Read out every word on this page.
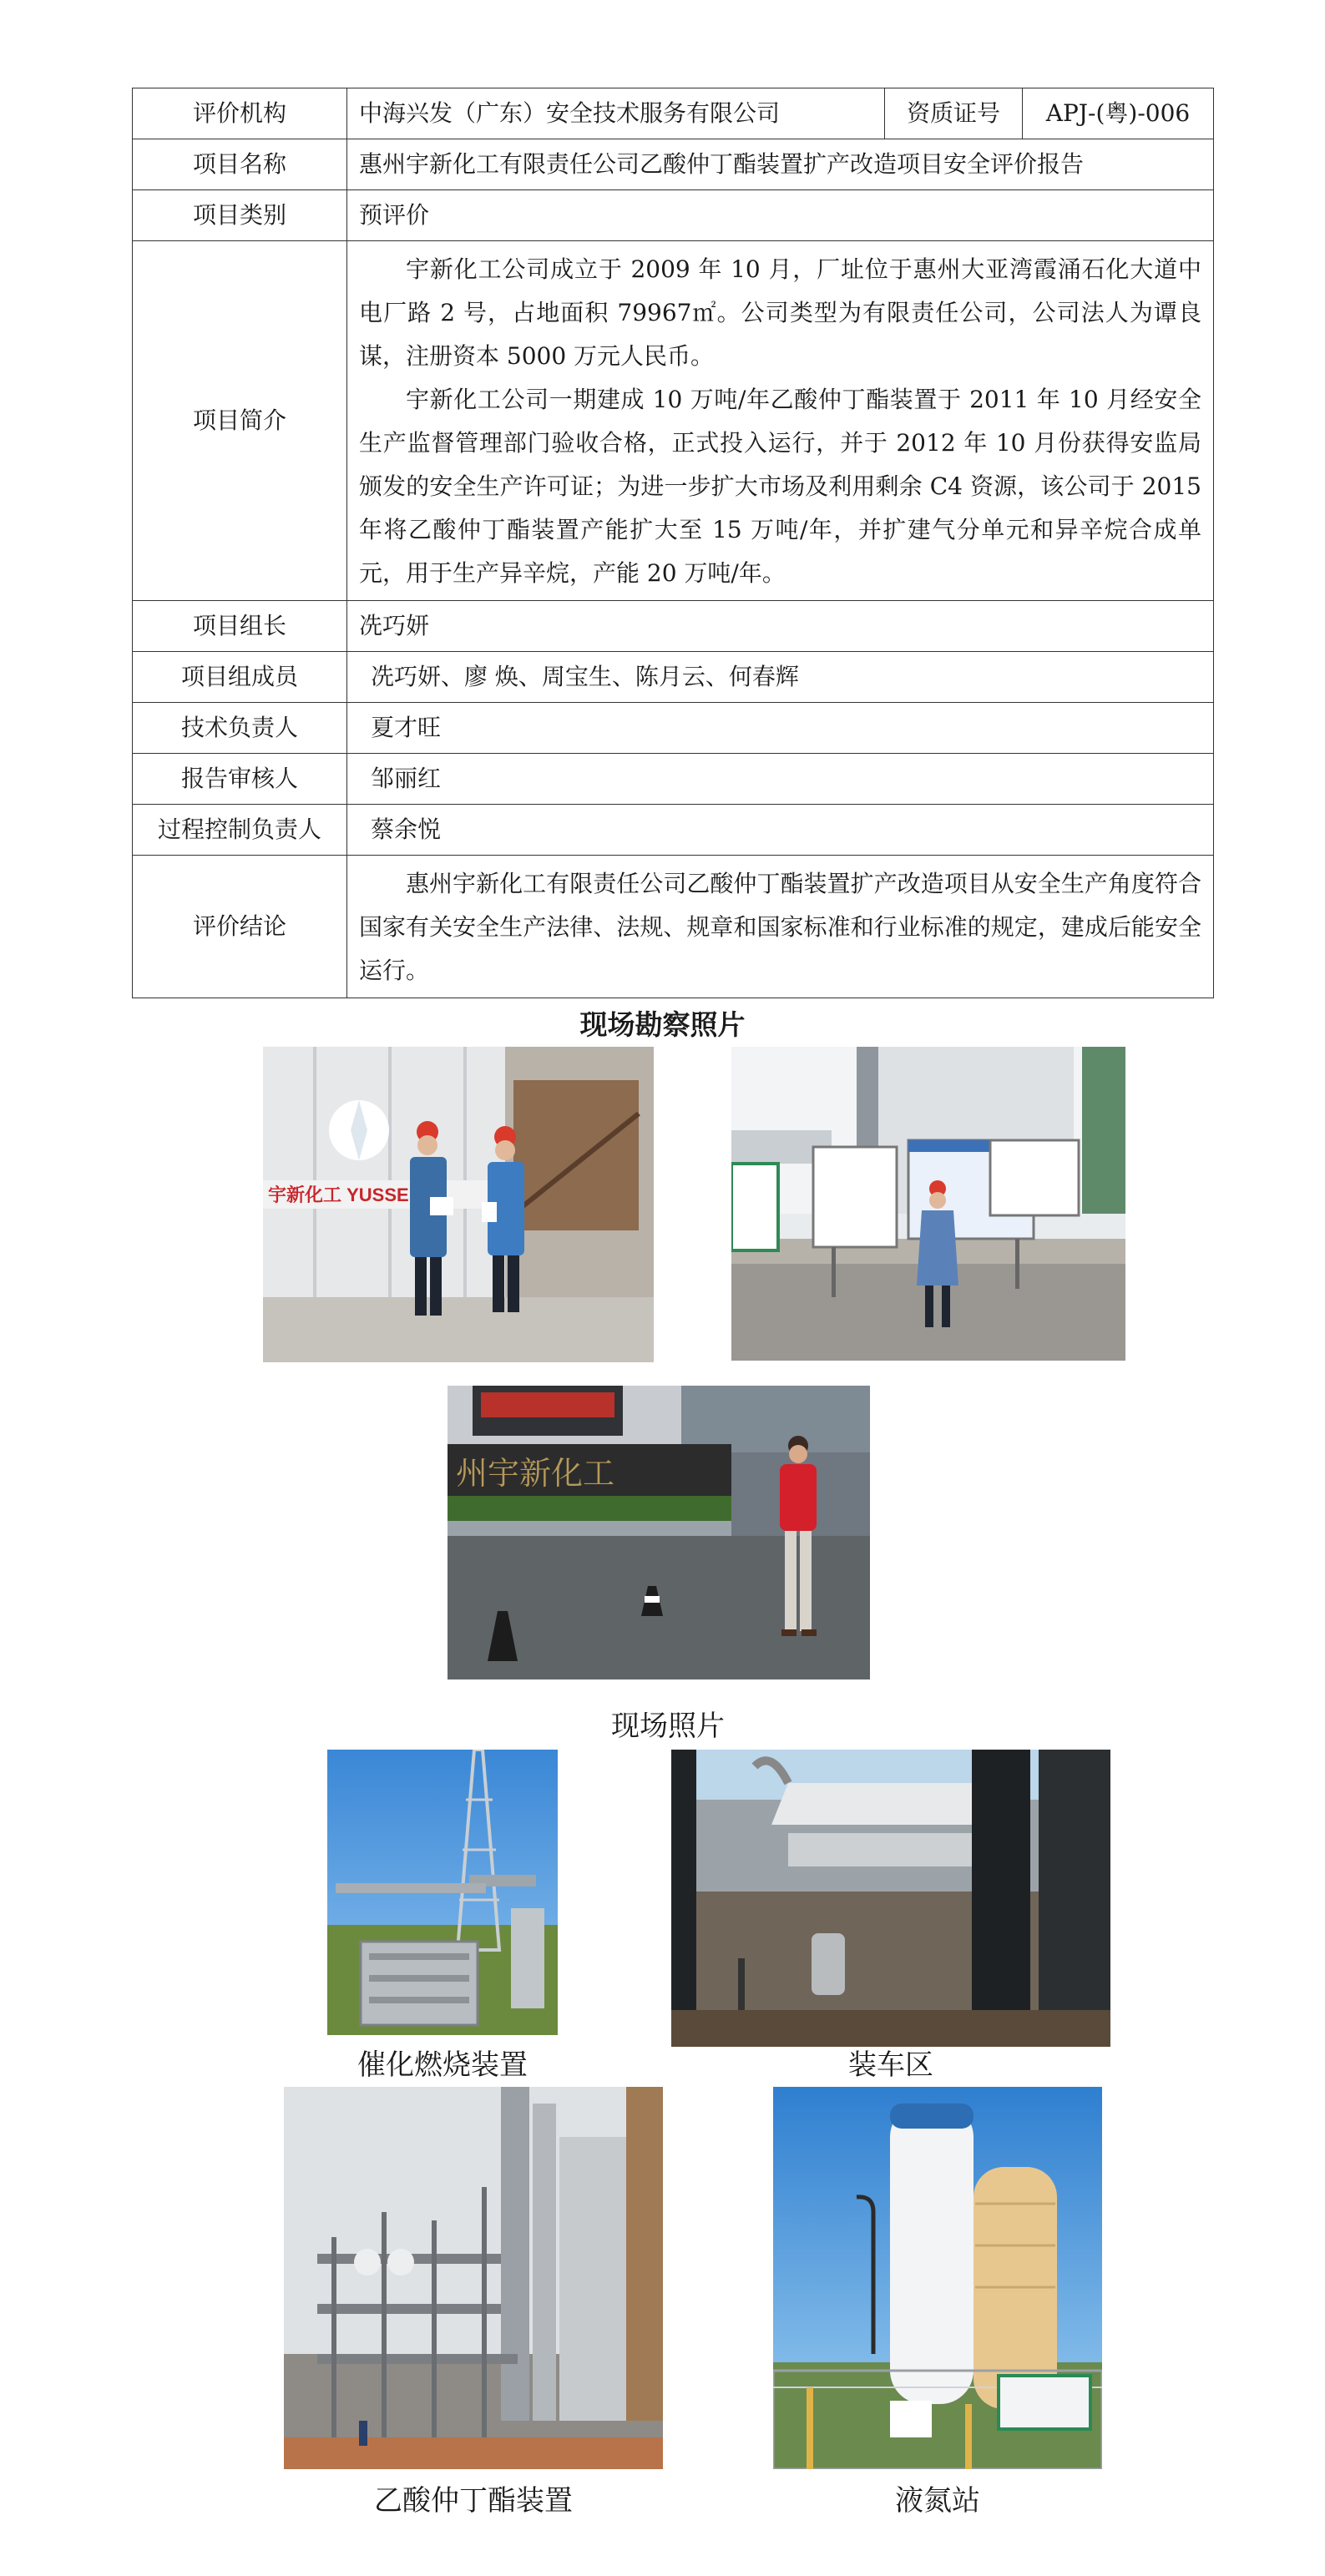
评价机构	中海兴发（广东）安全技术服务有限公司	资质证号	APJ-(粤)-006
项目名称	惠州宇新化工有限责任公司乙酸仲丁酯装置扩产改造项目安全评价报告		
项目类别	预评价		
项目简介	宇新化工公司成立于 2009 年 10 月，厂址位于惠州大亚湾霞涌石化大道中电厂路 2 号，占地面积 79967㎡。公司类型为有限责任公司，公司法人为谭良谋，注册资本 5000 万元人民币。

宇新化工公司一期建成 10 万吨/年乙酸仲丁酯装置于 2011 年 10 月经安全生产监督管理部门验收合格，正式投入运行，并于 2012 年 10 月份获得安监局颁发的安全生产许可证；为进一步扩大市场及利用剩余 C4 资源，该公司于 2015 年将乙酸仲丁酯装置产能扩大至 15 万吨/年，并扩建气分单元和异辛烷合成单元，用于生产异辛烷，产能 20 万吨/年。		

项目组长	冼巧妍		
项目组成员	冼巧妍、廖 焕、周宝生、陈月云、何春辉		
技术负责人	夏才旺		
报告审核人	邹丽红		
过程控制负责人	蔡余悦		
评价结论	惠州宇新化工有限责任公司乙酸仲丁酯装置扩产改造项目从安全生产角度符合国家有关安全生产法律、法规、规章和国家标准和行业标准的规定，建成后能安全运行。		

现场勘察照片
宇新化工 YUSSE
州宇新化工
现场照片
催化燃烧装置	装车区
乙酸仲丁酯装置	液氮站
